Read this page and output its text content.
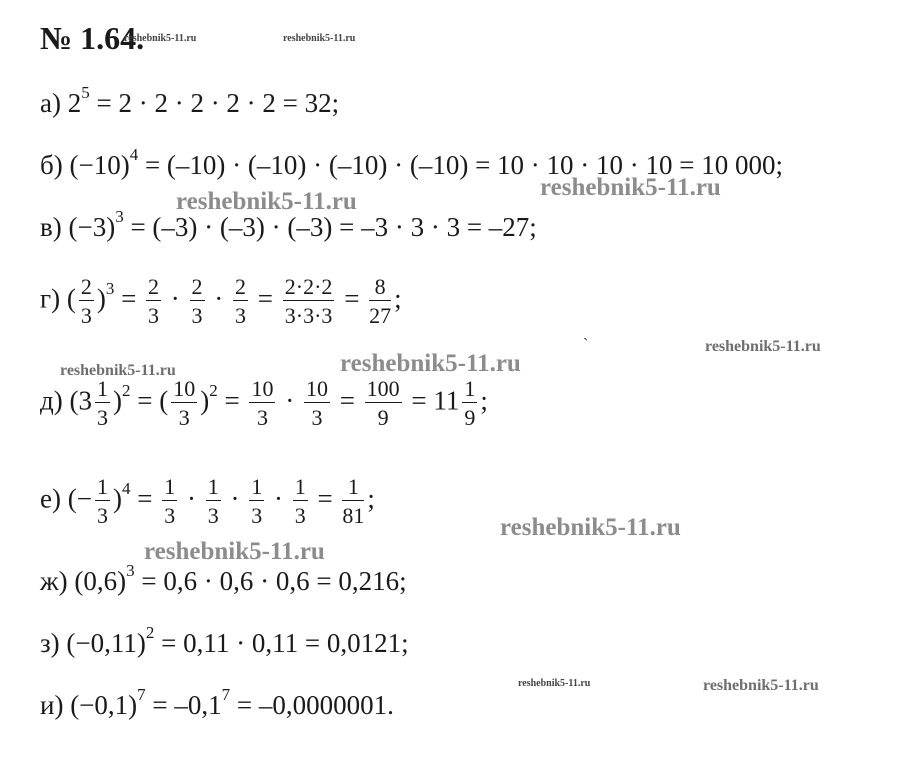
№ 1.64.
reshebnik5-11.ru	reshebnik5-11.ru
а) $2^5 = 2 \cdot 2 \cdot 2 \cdot 2 \cdot 2 = 32$;
б) $(-10)^4 = (-10) \cdot (-10) \cdot (-10) \cdot (-10) = 10 \cdot 10 \cdot 10 \cdot 10 = 10$ 000;
reshebnik5-11.ru
reshebnik5-11.ru
в) $(-3)^3 = (-3) \cdot (-3) \cdot (-3) = -3 \cdot 3 \cdot 3 = -27$;
г) ( $\frac{2}{3} )^3 = \frac{2}{3} \cdot \frac{2}{3} \cdot \frac{2}{3} = \frac{2\cdot 2\cdot 2}{3\cdot 3\cdot 3} = \frac{8}{27}$ ;
`
reshebnik5-11.ru	reshebnik5-11.ru
reshebnik5-11.ru
д) $(3 \frac{1}{3} )^2$ = ( $\frac{10}{3} )^2 = \frac{10}{3} \cdot \frac{10}{3} = \frac{100}{9} = 11 \frac{1}{9}$ ;
е) (− $\frac{1}{3} )^4 = \frac{1}{3} \cdot \frac{1}{3} \cdot \frac{1}{3} \cdot \frac{1}{3} = \frac{1}{81}$ ;
reshebnik5-11.ru
reshebnik5-11.ru
ж) $(0,6)^3 = 0,6 \cdot 0,6 \cdot 0,6 = 0,216$;
з) $(-0,11)^2 = 0,11 \cdot 0,11 = 0,0121$;
reshebnik5-11.ru	reshebnik5-11.ru
и) $(-0,1)^7 = -0,1^7 = -0,0000001$.
